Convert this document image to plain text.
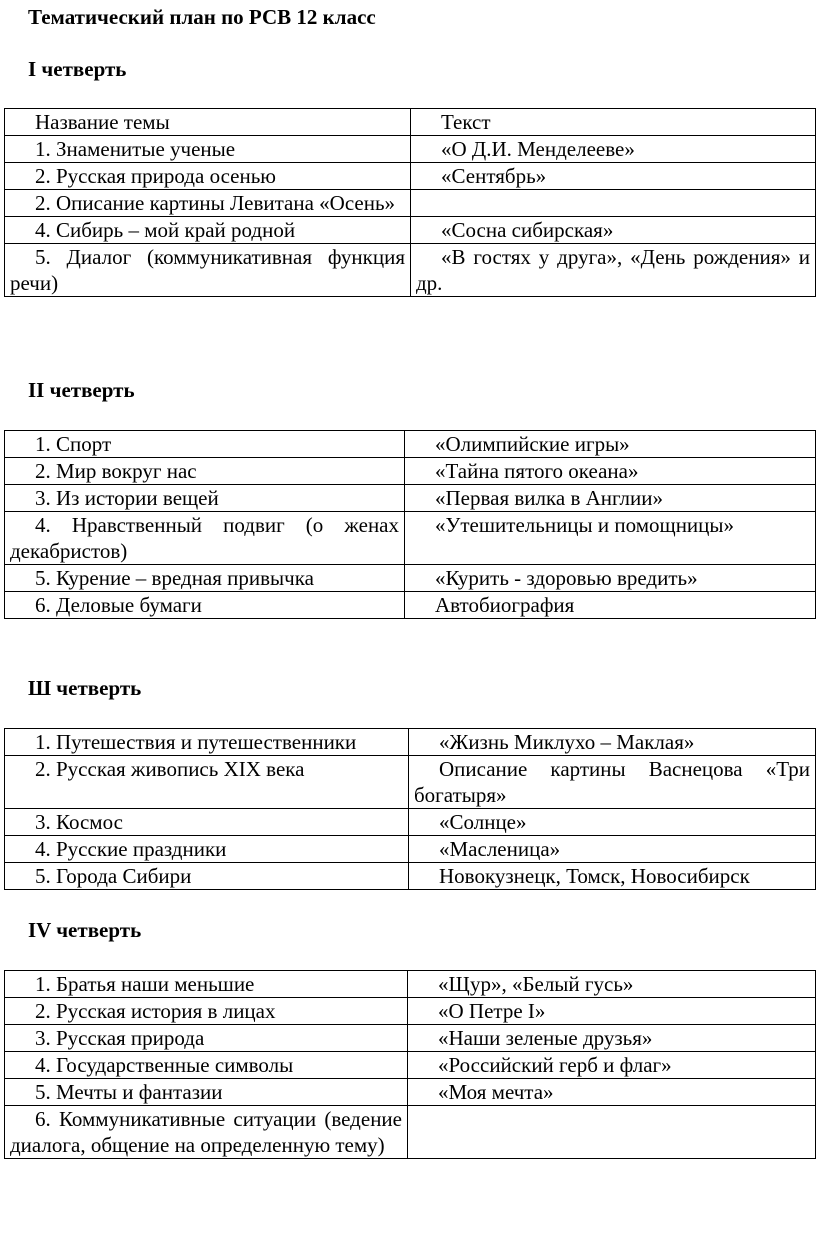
Тематический план по РСВ 12 класс
I четверть
Название темы	Текст
1. Знаменитые ученые	«О Д.И. Менделееве»
2. Русская природа осенью	«Сентябрь»
2. Описание картины Левитана «Осень»	
4. Сибирь – мой край родной	«Сосна сибирская»
5. Диалог (коммуникативная функция речи)	«В гостях у друга», «День рождения» и др.
II четверть
1. Спорт	«Олимпийские игры»
2. Мир вокруг нас	«Тайна пятого океана»
3. Из истории вещей	«Первая вилка в Англии»
4. Нравственный подвиг (о женах декабристов)	«Утешительницы и помощницы»
5. Курение – вредная привычка	«Курить - здоровью вредить»
6. Деловые бумаги	Автобиография
Ш четверть
1. Путешествия и путешественники	«Жизнь Миклухо – Маклая»
2. Русская живопись XIX века	Описание картины Васнецова «Три богатыря»
3. Космос	«Солнце»
4. Русские праздники	«Масленица»
5. Города Сибири	Новокузнецк, Томск, Новосибирск
IV четверть
1. Братья наши меньшие	«Щур», «Белый гусь»
2. Русская история в лицах	«О Петре I»
3. Русская природа	«Наши зеленые друзья»
4. Государственные символы	«Российский герб и флаг»
5. Мечты и фантазии	«Моя мечта»
6. Коммуникативные ситуации (ведение диалога, общение на определенную тему)	
